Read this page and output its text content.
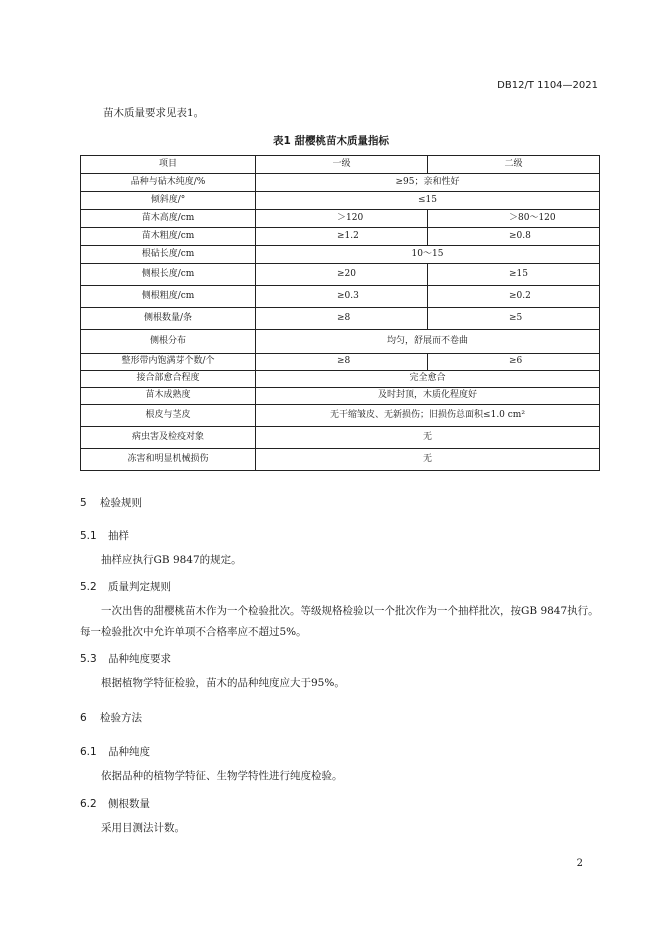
DB12/T 1104—2021
苗木质量要求见表1。
表1 甜樱桃苗木质量指标
项目	一级	二级
品种与砧木纯度/%	≥95；亲和性好	
倾斜度/°	≤15	
苗木高度/cm	＞120	＞80～120
苗木粗度/cm	≥1.2	≥0.8
根砧长度/cm	10～15	
侧根长度/cm	≥20	≥15
侧根粗度/cm	≥0.3	≥0.2
侧根数量/条	≥8	≥5
侧根分布	均匀，舒展而不卷曲	
整形带内饱满芽个数/个	≥8	≥6
接合部愈合程度	完全愈合	
苗木成熟度	及时封顶，木质化程度好	
根皮与茎皮	无干缩皱皮、无新损伤；旧损伤总面积≤1.0 cm²	
病虫害及检疫对象	无	
冻害和明显机械损伤	无	
5 检验规则
5.1 抽样
抽样应执行GB 9847的规定。
5.2 质量判定规则
一次出售的甜樱桃苗木作为一个检验批次。等级规格检验以一个批次作为一个抽样批次，按GB 9847执行。每一检验批次中允许单项不合格率应不超过5%。
5.3 品种纯度要求
根据植物学特征检验，苗木的品种纯度应大于95%。
6 检验方法
6.1 品种纯度
依据品种的植物学特征、生物学特性进行纯度检验。
6.2 侧根数量
采用目测法计数。
2
